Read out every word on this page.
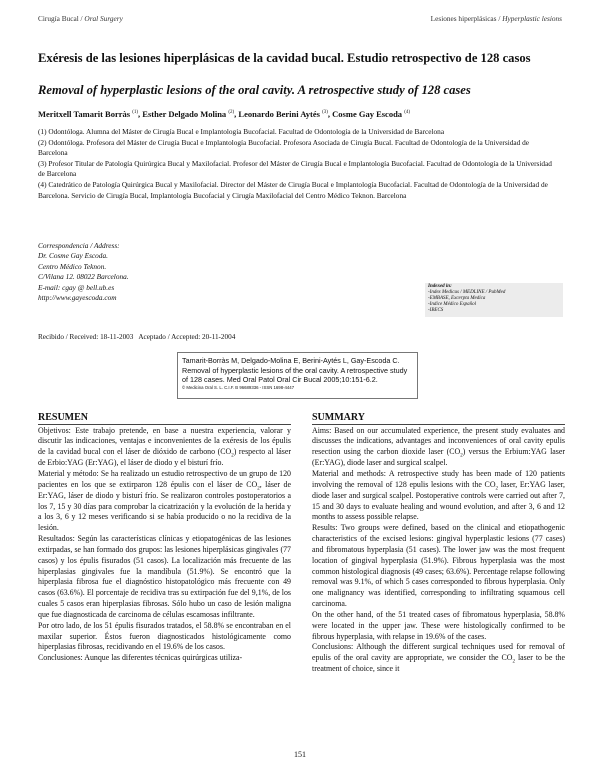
Cirugía Bucal / Oral Surgery	Lesiones hiperplásicas / Hyperplastic lesions
Exéresis de las lesiones hiperplásicas de la cavidad bucal. Estudio retrospectivo de 128 casos
Removal of hyperplastic lesions of the oral cavity. A retrospective study of 128 cases
Meritxell Tamarit Borràs $^{(1)}$, Esther Delgado Molina $^{(2)}$, Leonardo Berini Aytés $^{(3)}$, Cosme Gay Escoda $^{(4)}$

(1) Odontóloga. Alumna del Máster de Cirugía Bucal e Implantología Bucofacial. Facultad de Odontología de la Universidad de Barcelona

(2) Odontóloga. Profesora del Máster de Cirugía Bucal e Implantología Bucofacial. Profesora Asociada de Cirugía Bucal. Facultad de Odontología de la Universidad de Barcelona

(3) Profesor Titular de Patología Quirúrgica Bucal y Maxilofacial. Profesor del Máster de Cirugía Bucal e Implantología Bucofacial. Facultad de Odontología de la Universidad de Barcelona

(4) Catedrático de Patología Quirúrgica Bucal y Maxilofacial. Director del Máster de Cirugía Bucal e Implantología Bucofacial. Facultad de Odontología de la Universidad de Barcelona. Servicio de Cirugía Bucal, Implantología Bucofacial y Cirugía Maxilofacial del Centro Médico Teknon. Barcelona

Correspondencia / Address:

Dr. Cosme Gay Escoda.

Centro Médico Teknon.

C/Vilana 12. 08022 Barcelona.

E-mail: cgay @ bell.ub.es

http://www.gayescoda.com

Indexed in:

-Index Medicus / MEDLINE / PubMed

-EMBASE, Excerpta Medica

-Indice Médico Español

-IBECS

Recibido / Received: 18-11-2003 Aceptado / Accepted: 20-11-2004
Tamarit-Borràs M, Delgado-Molina E, Berini-Aytés L, Gay-Escoda C. Removal of hyperplastic lesions of the oral cavity. A retrospective study of 128 cases. Med Oral Patol Oral Cir Bucal 2005;10:151-6.2.
© Medicina Oral S. L. C.I.F. B 96689336 - ISSN 1698-4447
RESUMEN

Objetivos: Este trabajo pretende, en base a nuestra experiencia, valorar y discutir las indicaciones, ventajas e inconvenientes de la exéresis de los épulis de la cavidad bucal con el láser de dióxido de carbono $(CO_2)$ respecto al láser de Erbio:YAG (Er:YAG), el láser de diodo y el bisturí frío.

Material y método: Se ha realizado un estudio retrospectivo de un grupo de 120 pacientes en los que se extirparon 128 épulis con el láser de $CO_2$, láser de Er:YAG, láser de diodo y bisturí frío. Se realizaron controles postoperatorios a los 7, 15 y 30 días para comprobar la cicatrización y la evolución de la herida y a los 3, 6 y 12 meses verificando si se había producido o no la recidiva de la lesión.

Resultados: Según las características clínicas y etiopatogénicas de las lesiones extirpadas, se han formado dos grupos: las lesiones hiperplásicas gingivales (77 casos) y los épulis fisurados (51 casos). La localización más frecuente de las hiperplasias gingivales fue la mandíbula (51.9%). Se encontró que la hiperplasia fibrosa fue el diagnóstico histopatológico más frecuente con 49 casos (63.6%). El porcentaje de recidiva tras su extirpación fue del 9,1%, de los cuales 5 casos eran hiperplasias fibrosas. Sólo hubo un caso de lesión maligna que fue diagnosticada de carcinoma de células escamosas infiltrante.

Por otro lado, de los 51 épulis fisurados tratados, el 58.8% se encontraban en el maxilar superior. Éstos fueron diagnosticados histológicamente como hiperplasias fibrosas, recidivando en el 19.6% de los casos.

Conclusiones: Aunque las diferentes técnicas quirúrgicas utiliza-

SUMMARY

Aims: Based on our accumulated experience, the present study evaluates and discusses the indications, advantages and inconveniences of oral cavity epulis resection using the carbon dioxide laser $(CO_2)$ versus the Erbium:YAG laser (Er:YAG), diode laser and surgical scalpel.

Material and methods: A retrospective study has been made of 120 patients involving the removal of 128 epulis lesions with the $CO_2$ laser, Er:YAG laser, diode laser and surgical scalpel. Postoperative controls were carried out after 7, 15 and 30 days to evaluate healing and wound evolution, and after 3, 6 and 12 months to assess possible relapse.

Results: Two groups were defined, based on the clinical and etiopathogenic characteristics of the excised lesions: gingival hyperplastic lesions (77 cases) and fibromatous hyperplasia (51 cases). The lower jaw was the most frequent location of gingival hyperplasia (51.9%). Fibrous hyperplasia was the most common histological diagnosis (49 cases; 63.6%). Percentage relapse following removal was 9.1%, of which 5 cases corresponded to fibrous hyperplasia. Only one malignancy was identified, corresponding to infiltrating squamous cell carcinoma.

On the other hand, of the 51 treated cases of fibromatous hyperplasia, 58.8% were located in the upper jaw. These were histologically confirmed to be fibrous hyperplasia, with relapse in 19.6% of the cases.

Conclusions: Although the different surgical techniques used for removal of epulis of the oral cavity are appropriate, we consider the $CO_2$ laser to be the treatment of choice, since it

151
